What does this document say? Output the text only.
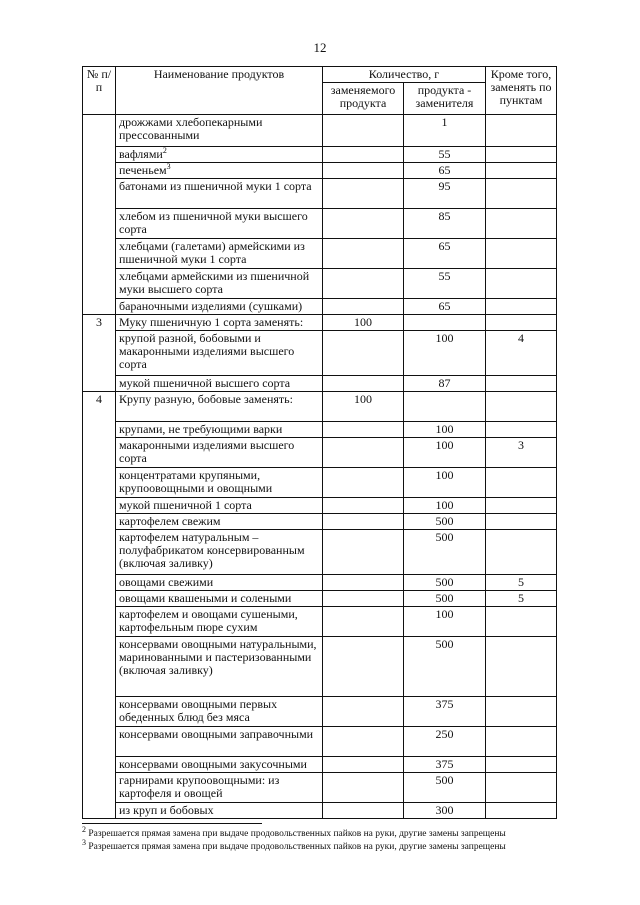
12
№ п/п	Наименование продуктов	Количество, г		Кроме того, заменять по пунктам
		заменяемого продукта	продукта - заменителя	
	дрожжами хлебопекарными прессованными		1	
	вафлями$^2$		55	
	печеньем$^3$		65	
	батонами из пшеничной муки 1 сорта		95	
	хлебом из пшеничной муки высшего сорта		85	
	хлебцами (галетами) армейскими из пшеничной муки 1 сорта		65	
	хлебцами армейскими из пшеничной муки высшего сорта		55	
	бараночными изделиями (сушками)		65	
3	Муку пшеничную 1 сорта заменять:	100		
	крупой разной, бобовыми и макаронными изделиями высшего сорта		100	4
	мукой пшеничной высшего сорта		87	
4	Крупу разную, бобовые заменять:	100		
	крупами, не требующими варки		100	
	макаронными изделиями высшего сорта		100	3
	концентратами крупяными, крупоовощными и овощными		100	
	мукой пшеничной 1 сорта		100	
	картофелем свежим		500	
	картофелем натуральным – полуфабрикатом консервированным (включая заливку)		500	
	овощами свежими		500	5
	овощами квашеными и солеными		500	5
	картофелем и овощами сушеными, картофельным пюре сухим		100	
	консервами овощными натуральными, маринованными и пастеризованными (включая заливку)		500	
	консервами овощными первых обеденных блюд без мяса		375	
	консервами овощными заправочными		250	
	консервами овощными закусочными		375	
	гарнирами крупоовощными: из картофеля и овощей		500	
	из круп и бобовых		300	
$^2$ Разрешается прямая замена при выдаче продовольственных пайков на руки, другие замены запрещены
$^3$ Разрешается прямая замена при выдаче продовольственных пайков на руки, другие замены запрещены
